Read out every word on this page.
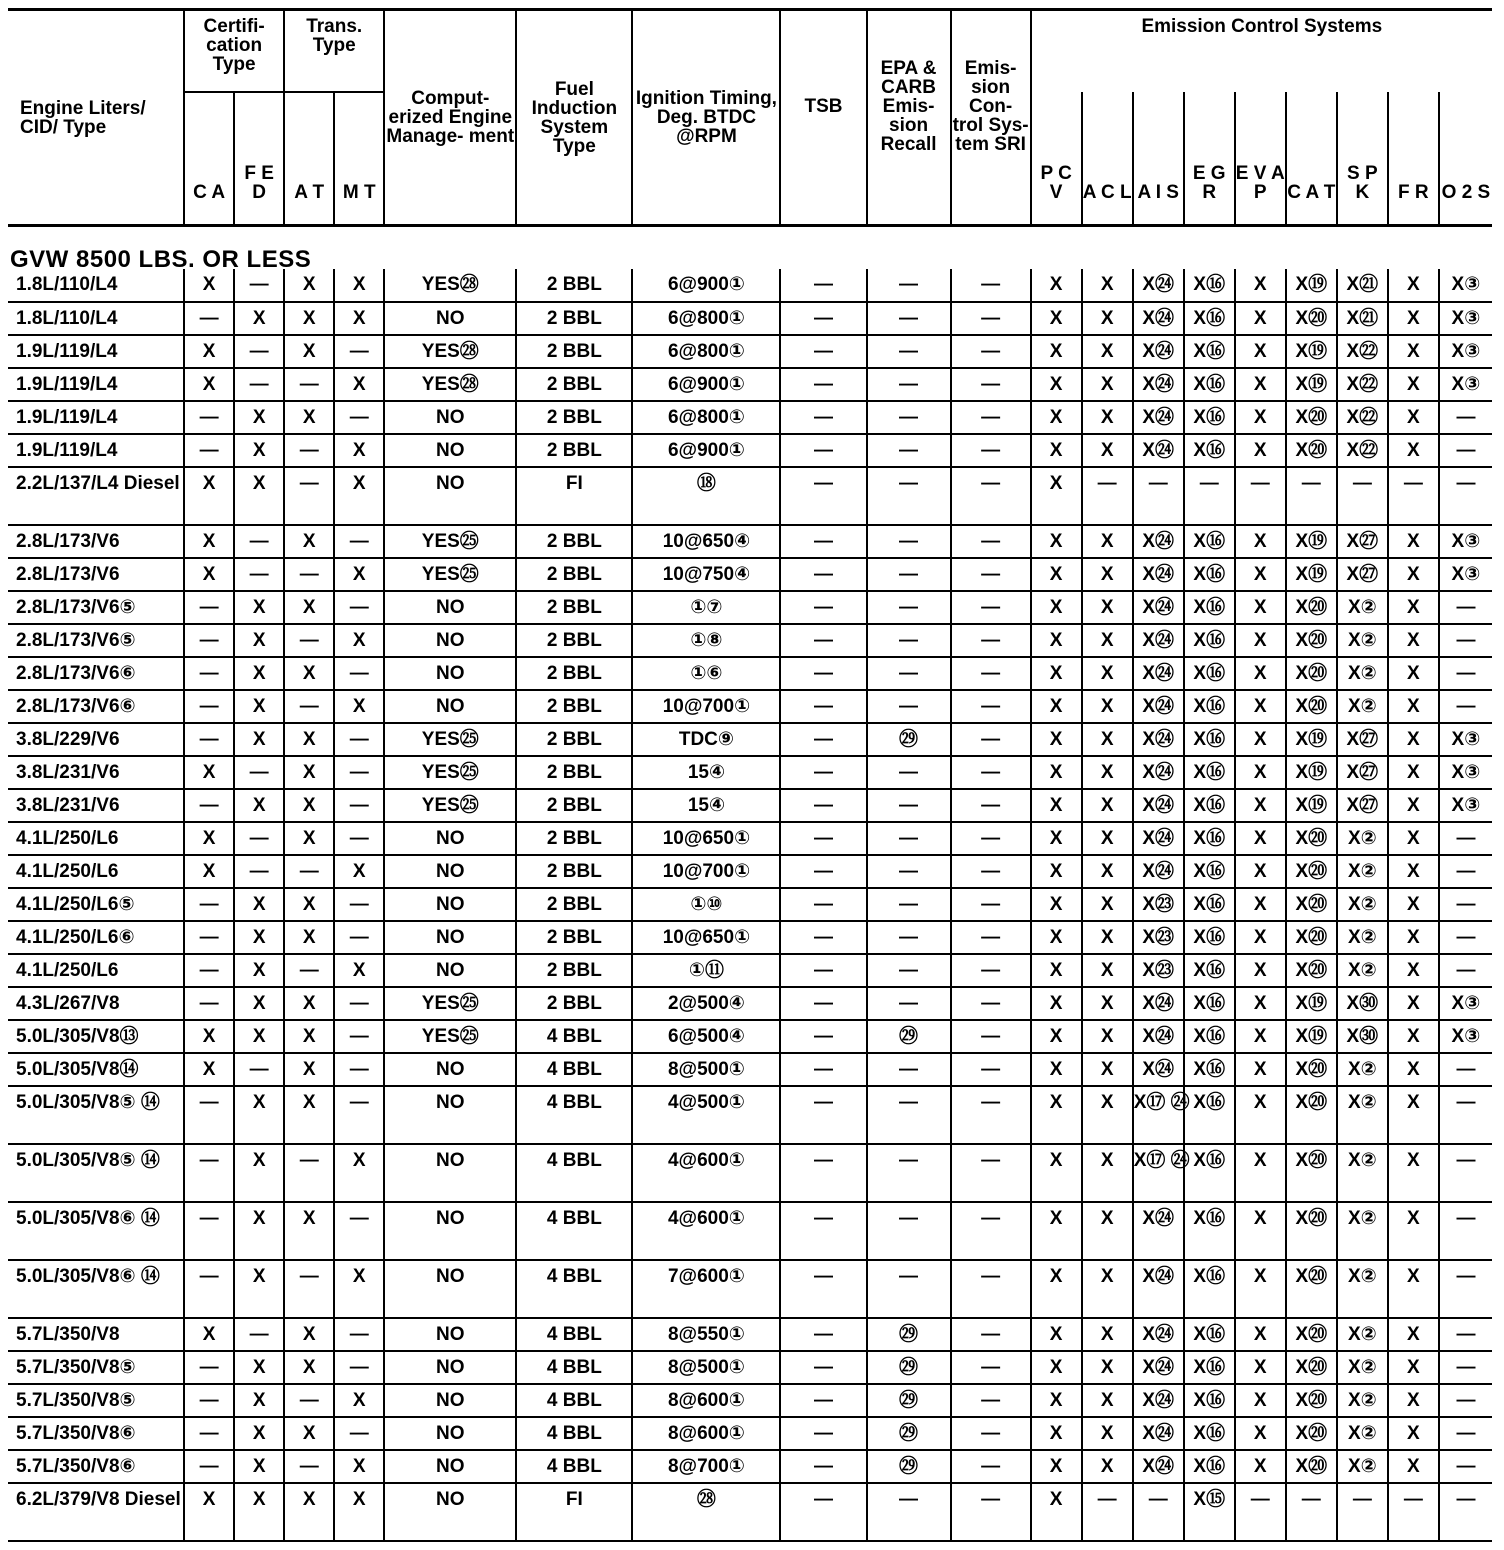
Engine Liters/ CID/ Type	Certifi- cation Type		Trans. Type		Comput- erized Engine Manage- ment	Fuel Induction System Type	Ignition Timing, Deg. BTDC @RPM	TSB	EPA & CARB Emis- sion Recall	Emis- sion Con- trol Sys- tem SRI	Emission Control Systems								
	C A	F E D	A T	M T							P C V	A C L	A I S	E G R	E V A P	C A T	S P K	F R	O 2 S
GVW 8500 LBS. OR LESS																			
1.8L/110/L4	X	—	X	X	YES㉘	2 BBL	6@900①	—	—	—	X	X	X㉔	X⑯	X	X⑲	X㉑	X	X③
1.8L/110/L4	—	X	X	X	NO	2 BBL	6@800①	—	—	—	X	X	X㉔	X⑯	X	X⑳	X㉑	X	X③
1.9L/119/L4	X	—	X	—	YES㉘	2 BBL	6@800①	—	—	—	X	X	X㉔	X⑯	X	X⑲	X㉒	X	X③
1.9L/119/L4	X	—	—	X	YES㉘	2 BBL	6@900①	—	—	—	X	X	X㉔	X⑯	X	X⑲	X㉒	X	X③
1.9L/119/L4	—	X	X	—	NO	2 BBL	6@800①	—	—	—	X	X	X㉔	X⑯	X	X⑳	X㉒	X	—
1.9L/119/L4	—	X	—	X	NO	2 BBL	6@900①	—	—	—	X	X	X㉔	X⑯	X	X⑳	X㉒	X	—
2.2L/137/L4 Diesel	X	X	—	X	NO	FI	⑱	—	—	—	X	—	—	—	—	—	—	—	—
2.8L/173/V6	X	—	X	—	YES㉕	2 BBL	10@650④	—	—	—	X	X	X㉔	X⑯	X	X⑲	X㉗	X	X③
2.8L/173/V6	X	—	—	X	YES㉕	2 BBL	10@750④	—	—	—	X	X	X㉔	X⑯	X	X⑲	X㉗	X	X③
2.8L/173/V6⑤	—	X	X	—	NO	2 BBL	①⑦	—	—	—	X	X	X㉔	X⑯	X	X⑳	X②	X	—
2.8L/173/V6⑤	—	X	—	X	NO	2 BBL	①⑧	—	—	—	X	X	X㉔	X⑯	X	X⑳	X②	X	—
2.8L/173/V6⑥	—	X	X	—	NO	2 BBL	①⑥	—	—	—	X	X	X㉔	X⑯	X	X⑳	X②	X	—
2.8L/173/V6⑥	—	X	—	X	NO	2 BBL	10@700①	—	—	—	X	X	X㉔	X⑯	X	X⑳	X②	X	—
3.8L/229/V6	—	X	X	—	YES㉕	2 BBL	TDC⑨	—	㉙	—	X	X	X㉔	X⑯	X	X⑲	X㉗	X	X③
3.8L/231/V6	X	—	X	—	YES㉕	2 BBL	15④	—	—	—	X	X	X㉔	X⑯	X	X⑲	X㉗	X	X③
3.8L/231/V6	—	X	X	—	YES㉕	2 BBL	15④	—	—	—	X	X	X㉔	X⑯	X	X⑲	X㉗	X	X③
4.1L/250/L6	X	—	X	—	NO	2 BBL	10@650①	—	—	—	X	X	X㉔	X⑯	X	X⑳	X②	X	—
4.1L/250/L6	X	—	—	X	NO	2 BBL	10@700①	—	—	—	X	X	X㉔	X⑯	X	X⑳	X②	X	—
4.1L/250/L6⑤	—	X	X	—	NO	2 BBL	①⑩	—	—	—	X	X	X㉓	X⑯	X	X⑳	X②	X	—
4.1L/250/L6⑥	—	X	X	—	NO	2 BBL	10@650①	—	—	—	X	X	X㉓	X⑯	X	X⑳	X②	X	—
4.1L/250/L6	—	X	—	X	NO	2 BBL	①⑪	—	—	—	X	X	X㉓	X⑯	X	X⑳	X②	X	—
4.3L/267/V8	—	X	X	—	YES㉕	2 BBL	2@500④	—	—	—	X	X	X㉔	X⑯	X	X⑲	X㉚	X	X③
5.0L/305/V8⑬	X	X	X	—	YES㉕	4 BBL	6@500④	—	㉙	—	X	X	X㉔	X⑯	X	X⑲	X㉚	X	X③
5.0L/305/V8⑭	X	—	X	—	NO	4 BBL	8@500①	—	—	—	X	X	X㉔	X⑯	X	X⑳	X②	X	—
5.0L/305/V8⑤ ⑭	—	X	X	—	NO	4 BBL	4@500①	—	—	—	X	X	X⑰ ㉔	X⑯	X	X⑳	X②	X	—
5.0L/305/V8⑤ ⑭	—	X	—	X	NO	4 BBL	4@600①	—	—	—	X	X	X⑰ ㉔	X⑯	X	X⑳	X②	X	—
5.0L/305/V8⑥ ⑭	—	X	X	—	NO	4 BBL	4@600①	—	—	—	X	X	X㉔	X⑯	X	X⑳	X②	X	—
5.0L/305/V8⑥ ⑭	—	X	—	X	NO	4 BBL	7@600①	—	—	—	X	X	X㉔	X⑯	X	X⑳	X②	X	—
5.7L/350/V8	X	—	X	—	NO	4 BBL	8@550①	—	㉙	—	X	X	X㉔	X⑯	X	X⑳	X②	X	—
5.7L/350/V8⑤	—	X	X	—	NO	4 BBL	8@500①	—	㉙	—	X	X	X㉔	X⑯	X	X⑳	X②	X	—
5.7L/350/V8⑤	—	X	—	X	NO	4 BBL	8@600①	—	㉙	—	X	X	X㉔	X⑯	X	X⑳	X②	X	—
5.7L/350/V8⑥	—	X	X	—	NO	4 BBL	8@600①	—	㉙	—	X	X	X㉔	X⑯	X	X⑳	X②	X	—
5.7L/350/V8⑥	—	X	—	X	NO	4 BBL	8@700①	—	㉙	—	X	X	X㉔	X⑯	X	X⑳	X②	X	—
6.2L/379/V8 Diesel	X	X	X	X	NO	FI	㉘	—	—	—	X	—	—	X⑮	—	—	—	—	—
